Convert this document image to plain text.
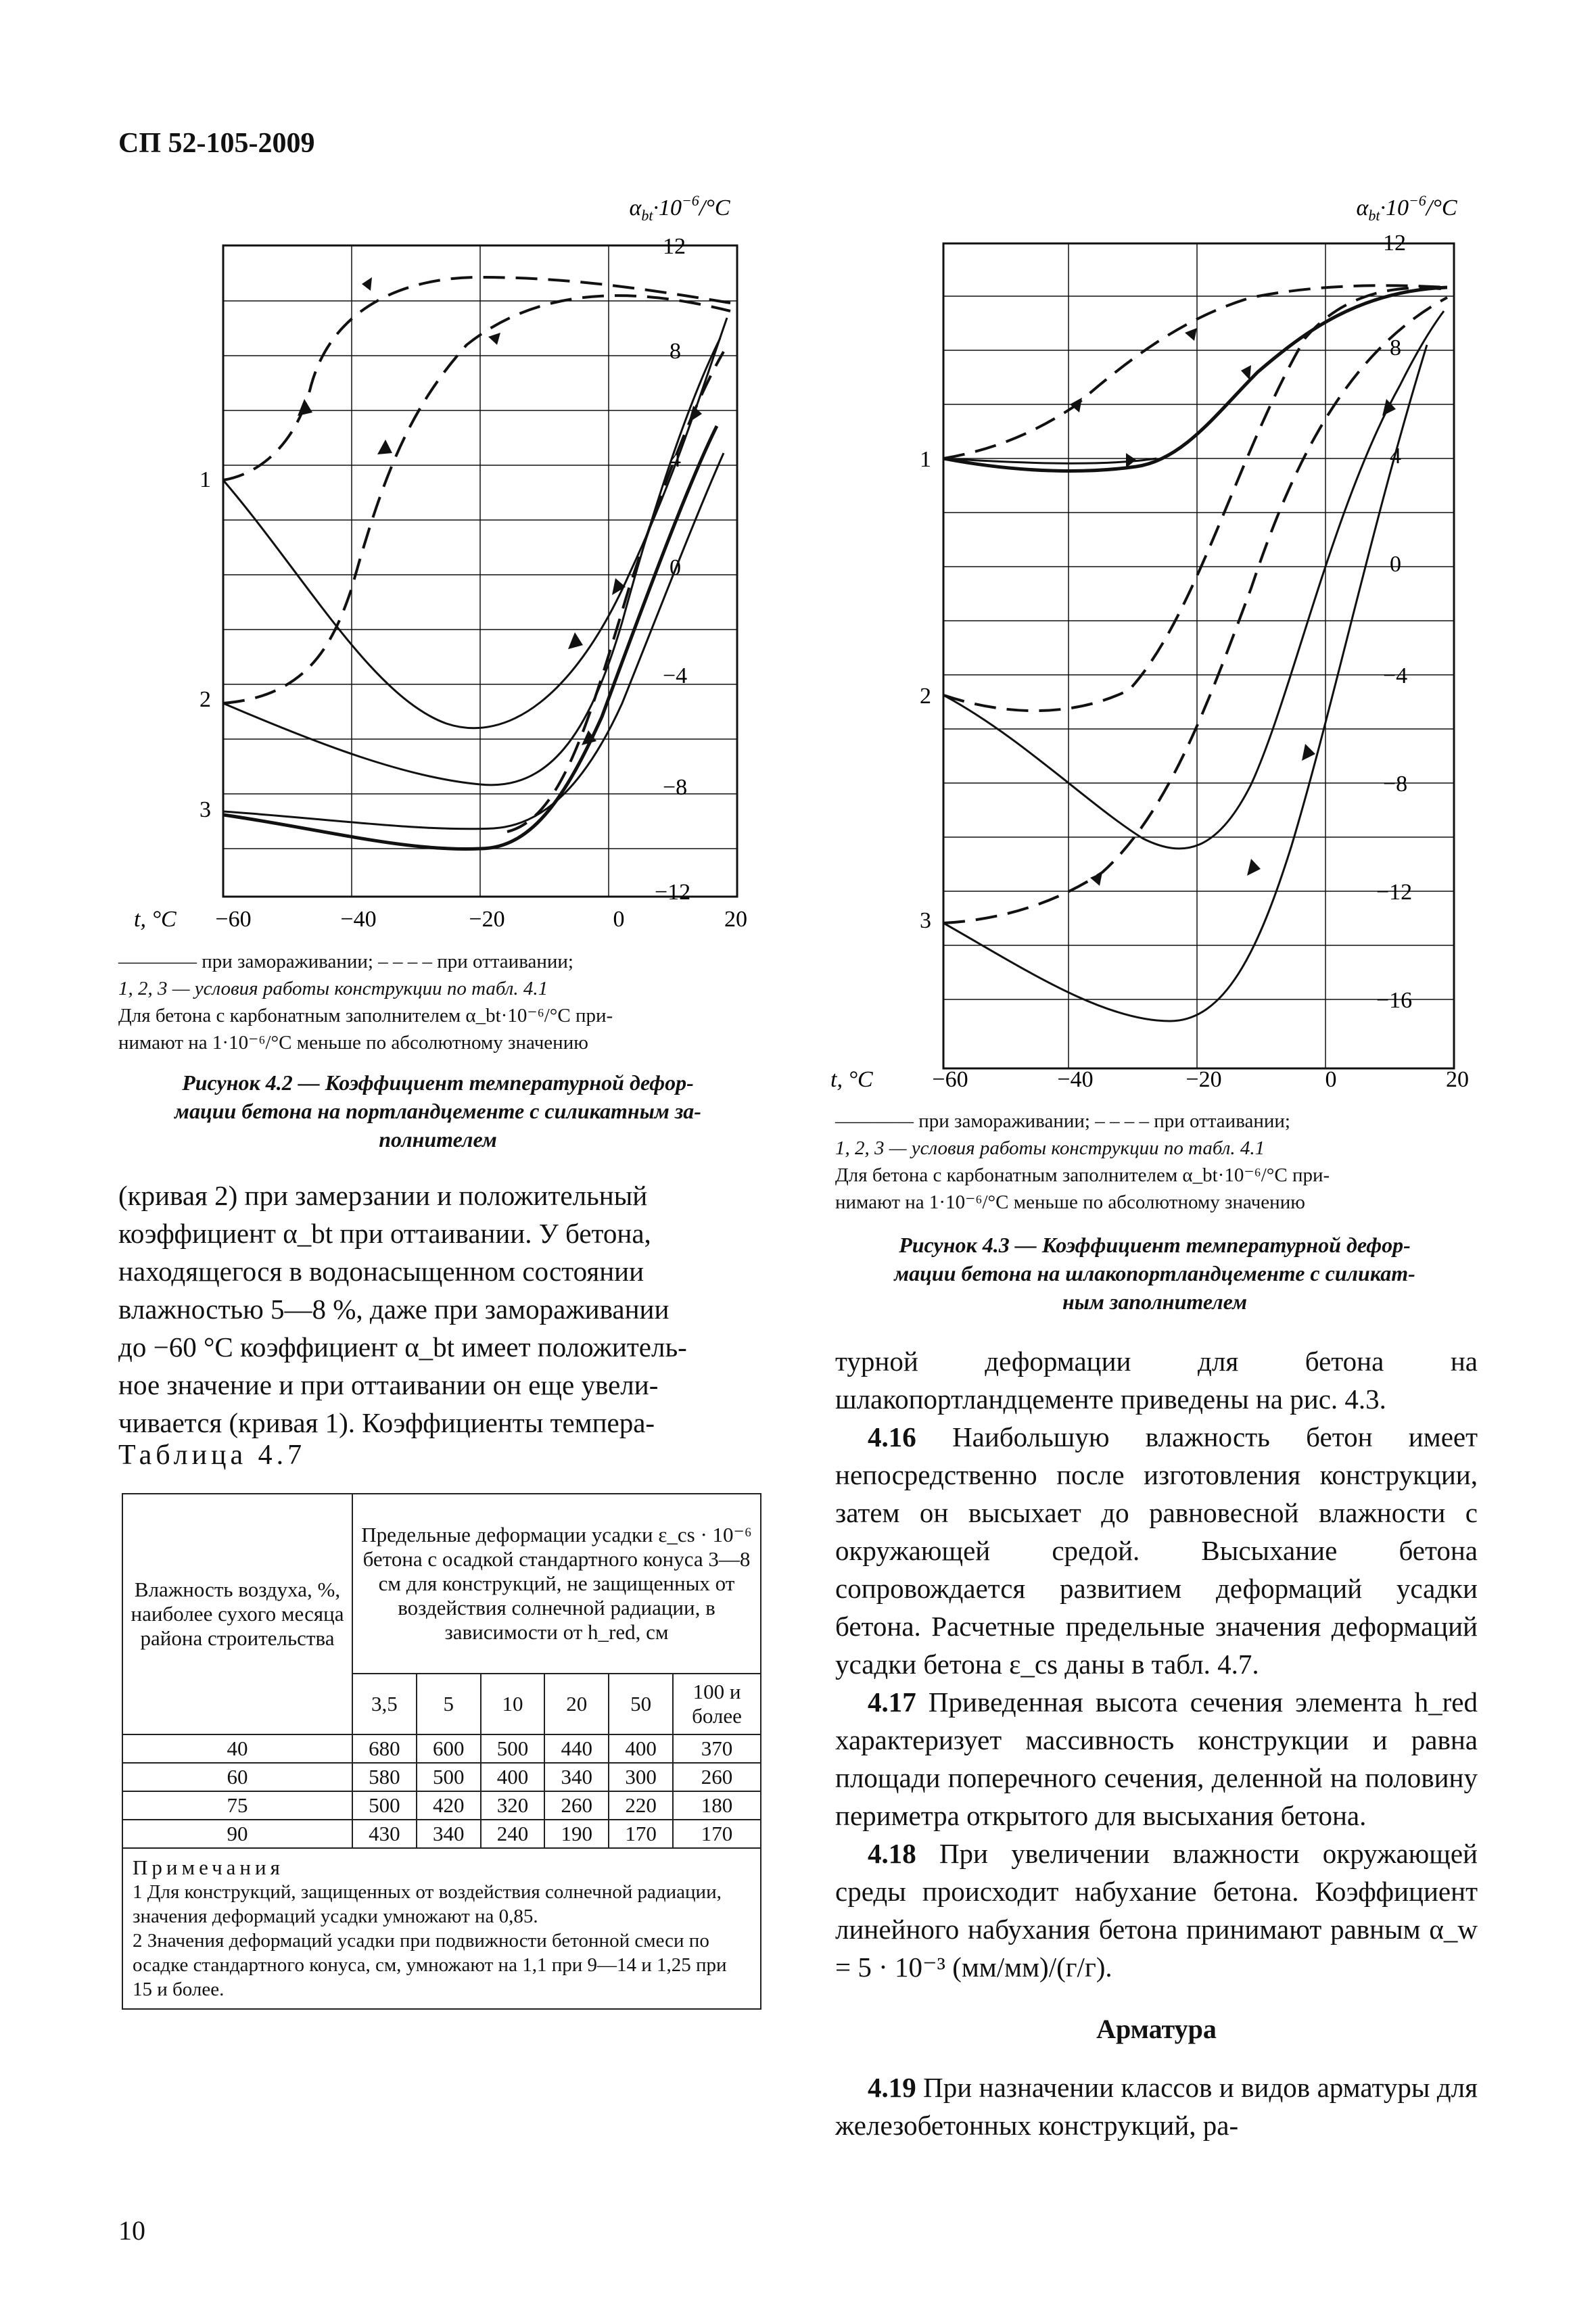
СП 52-105-2009
$\alpha_{bt}\cdot 10^{-6}/^\circ C$
12
8
4
0
−4
−8
−12
t, °C −60	−40	−20	0	20
1
2
3
———— при замораживании; – – – – при оттаивании;
1, 2, 3 — условия работы конструкции по табл. 4.1
Для бетона с карбонатным заполнителем α_bt·10⁻⁶/°C при-
нимают на 1·10⁻⁶/°С меньше по абсолютному значению
Рисунок 4.2 — Коэффициент температурной дефор-
мации бетона на портландцементе с силикатным за-
полнителем
(кривая 2) при замерзании и положительный
коэффициент α_bt при оттаивании. У бетона,
находящегося в водонасыщенном состоянии
влажностью 5—8 %, даже при замораживании
до −60 °С коэффициент α_bt имеет положитель-
ное значение и при оттаивании он еще увели-
чивается (кривая 1). Коэффициенты темпера-
Таблица 4.7
Влажность воздуха, %, наиболее сухого месяца района строительства	Предельные деформации усадки ε_cs · 10⁻⁶ бетона с осадкой стандартного конуса 3—8 см для конструкций, не защищенных от воздействия солнечной радиации, в зависимости от h_red, см					
	3,5	5	10	20	50	100 и более
40	680	600	500	440	400	370
60	580	500	400	340	300	260
75	500	420	320	260	220	180
90	430	340	240	190	170	170

Примечания
1 Для конструкций, защищенных от воздействия солнечной радиации, значения деформаций усадки умножают на 0,85.
2 Значения деформаций усадки при подвижности бетонной смеси по осадке стандартного конуса, см, умножают на 1,1 при 9—14 и 1,25 при 15 и более.						
$\alpha_{bt}\cdot 10^{-6}/^\circ C$
12
8
4
0
−4
−8
−12
−16
t, °C	−60	−40	−20	0	20
1
2
3
———— при замораживании; – – – – при оттаивании;
1, 2, 3 — условия работы конструкции по табл. 4.1
Для бетона с карбонатным заполнителем α_bt·10⁻⁶/°C при-
нимают на 1·10⁻⁶/°С меньше по абсолютному значению
Рисунок 4.3 — Коэффициент температурной дефор-
мации бетона на шлакопортландцементе с силикат-
ным заполнителем

турной деформации для бетона на шлакопортландцементе приведены на рис. 4.3.

4.16 Наибольшую влажность бетон имеет непосредственно после изготовления конструкции, затем он высыхает до равновесной влажности с окружающей средой. Высыхание бетона сопровождается развитием деформаций усадки бетона. Расчетные предельные значения деформаций усадки бетона ε_cs даны в табл. 4.7.

4.17 Приведенная высота сечения элемента h_red характеризует массивность конструкции и равна площади поперечного сечения, деленной на половину периметра открытого для высыхания бетона.

4.18 При увеличении влажности окружающей среды происходит набухание бетона. Коэффициент линейного набухания бетона принимают равным α_w = 5 · 10⁻³ (мм/мм)/(г/г).

Арматура

4.19 При назначении классов и видов арматуры для железобетонных конструкций, ра-

10
